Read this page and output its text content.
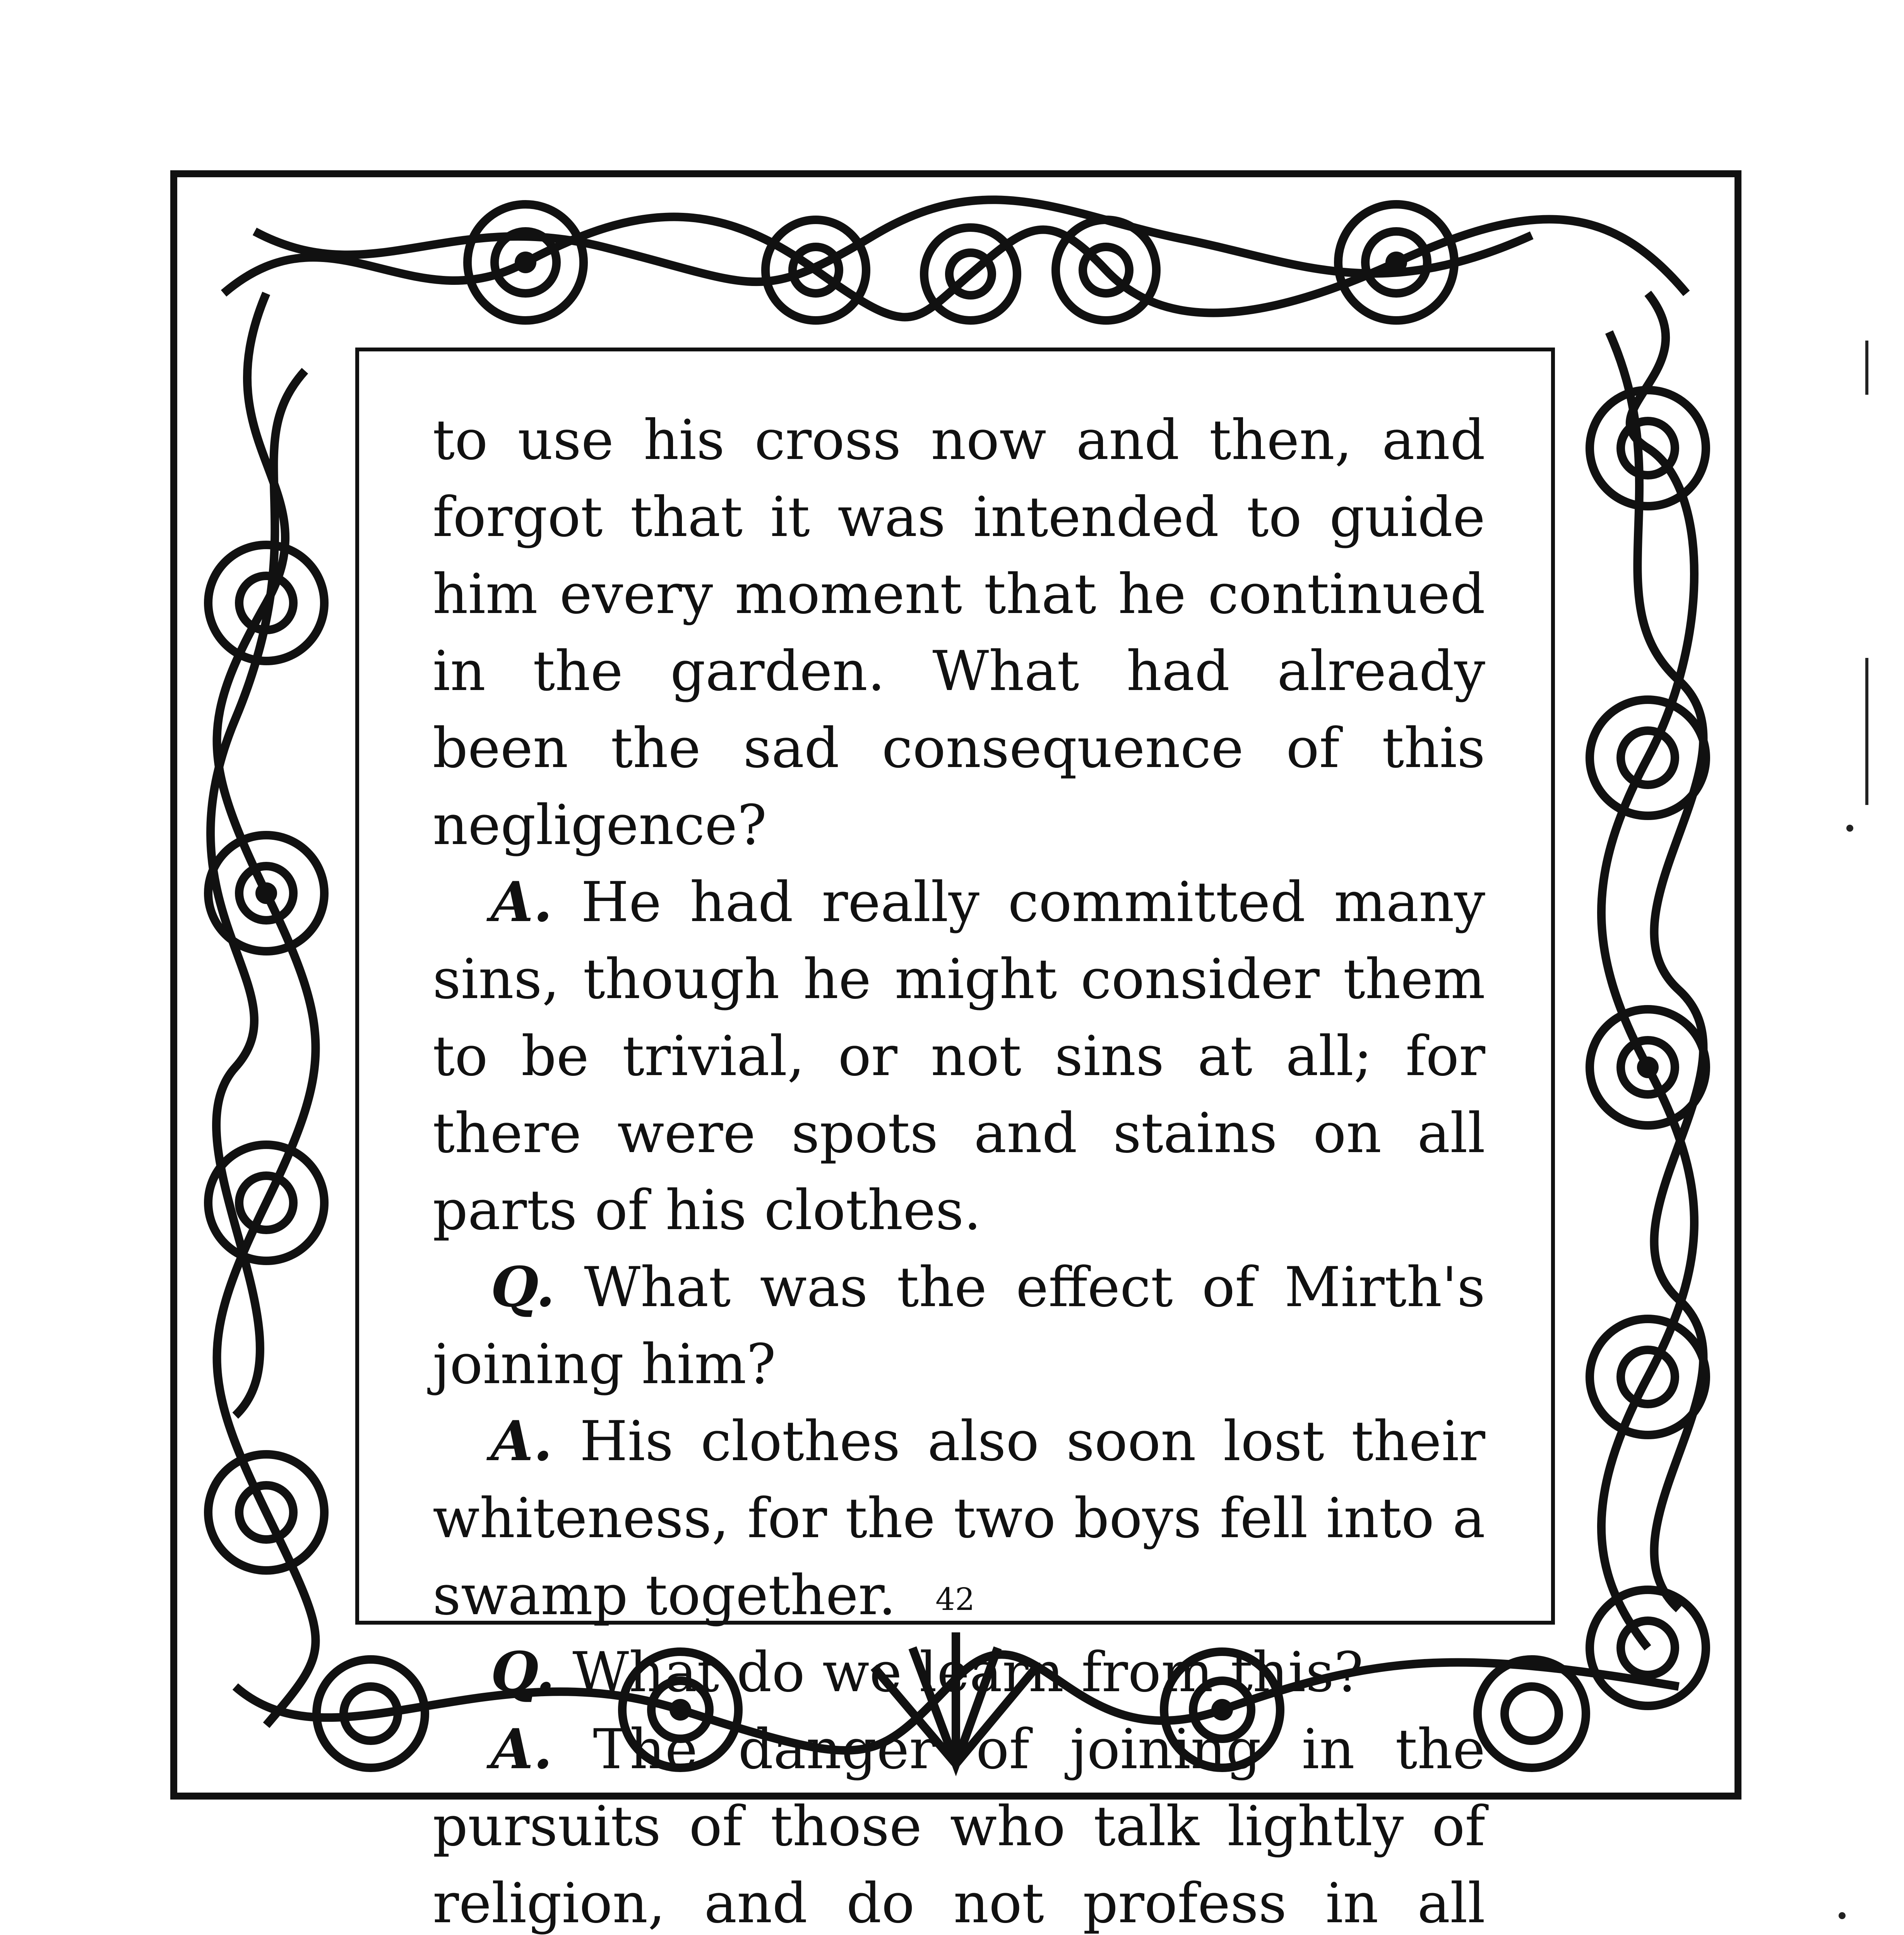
to use his cross now and then, and forgot that it was intended to guide him every moment that he continued in the garden. What had already been the sad consequence of this negligence?

A. He had really committed many sins, though he might consider them to be trivial, or not sins at all; for there were spots and stains on all parts of his clothes.

Q. What was the effect of Mirth's joining him?

A. His clothes also soon lost their whiteness, for the two boys fell into a swamp together.

Q. What do we learn from this?

A. The danger of joining in the pursuits of those who talk lightly of religion, and do not profess in all

42
